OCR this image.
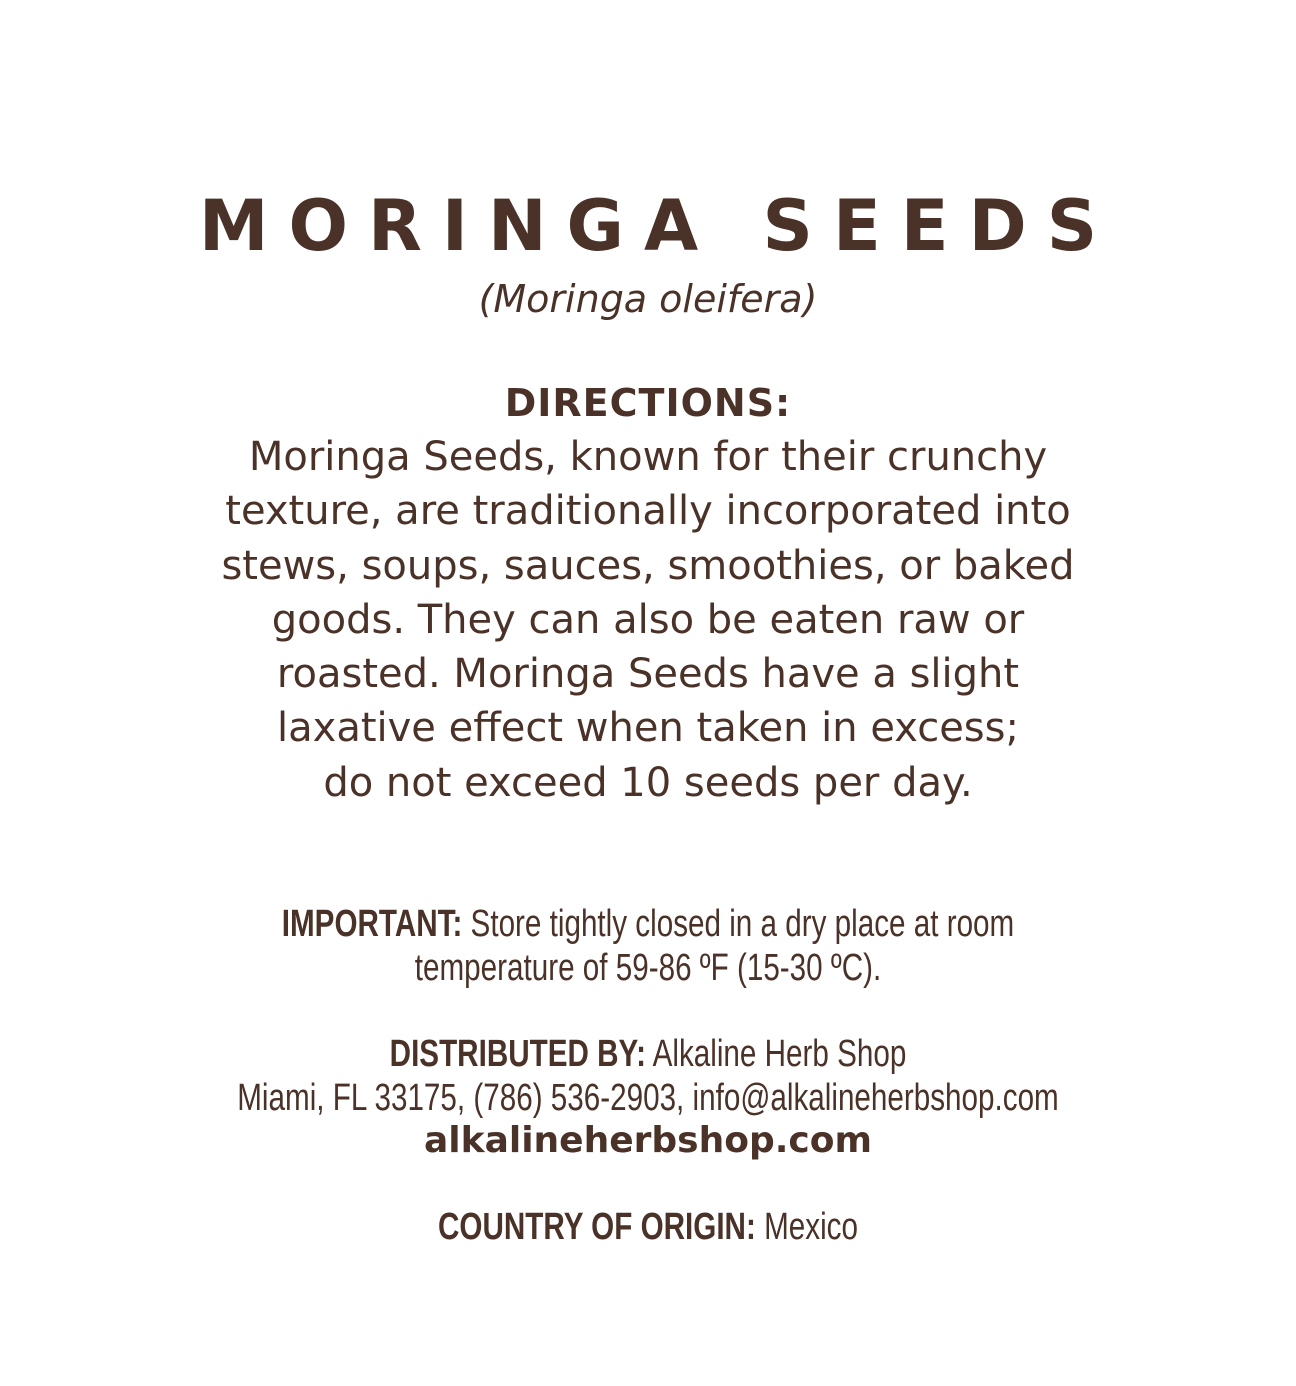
MORINGA SEEDS
(Moringa oleifera)
DIRECTIONS:
Moringa Seeds, known for their crunchy
texture, are traditionally incorporated into
stews, soups, sauces, smoothies, or baked
goods. They can also be eaten raw or
roasted. Moringa Seeds have a slight
laxative effect when taken in excess;
do not exceed 10 seeds per day.
IMPORTANT: Store tightly closed in a dry place at room
temperature of 59-86 ºF (15-30 ºC).
DISTRIBUTED BY: Alkaline Herb Shop
Miami, FL 33175, (786) 536-2903, info@alkalineherbshop.com
alkalineherbshop.com
COUNTRY OF ORIGIN: Mexico
